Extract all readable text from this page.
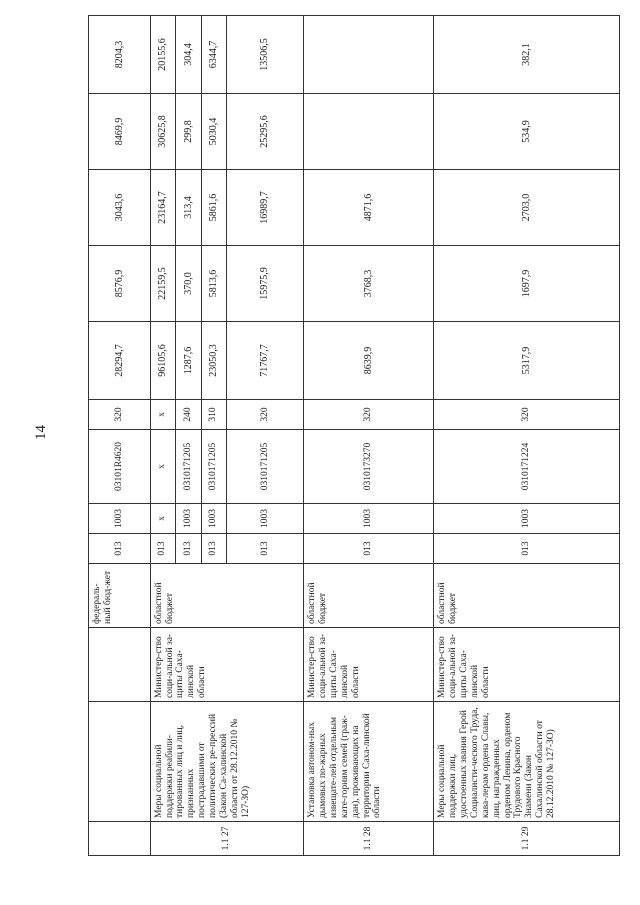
14
			федераль-ный бюд-жет	013	1003	03101R4620	320	28294,7	8576,9	3043,6	8469,9	8204,3
1.1 27	Меры социальной поддержки реабили-тированных лиц и лиц, признанных пострадавшими от политических ре-прессий (Закон Са-халинской области от 28.12.2010 № 127-ЗО)	Министер-ство соци-альной за-щиты Саха-линской области	областной бюджет	013	x	x	x	96105,6	22159,5	23164,7	30625,8	20155,6
				013	1003	0310171205	240	1287,6	370,0	313,4	299,8	304,4
				013	1003	0310171205	310	23050,3	5813,6	5861,6	5030,4	6344,7
				013	1003	0310171205	320	71767,7	15975,9	16989,7	25295,6	13506,5
1.1 28	Установка автоном-ных дымовых по-жарных извещате-лей отдельным кате-гориям семей (граж-дан), проживающих на территории Саха-линской области	Министер-ство соци-альной за-щиты Саха-линской области	областной бюджет	013	1003	0310173270	320	8639,9	3768,3	4871,6		
1.1 29	Меры социальной поддержки лиц, удостоенных звания Герой Социалисти-ческого Труда, кава-лерам ордена Славы, лиц, награжденных орденом Ленина, орденом Трудового Красного Знамени (Закон Сахалинской области от 28.12.2010 № 127-ЗО)	Министер-ство соци-альной за-щиты Саха-линской области	областной бюджет	013	1003	0310171224	320	5317,9	1697,9	2703,0	534,9	382,1
